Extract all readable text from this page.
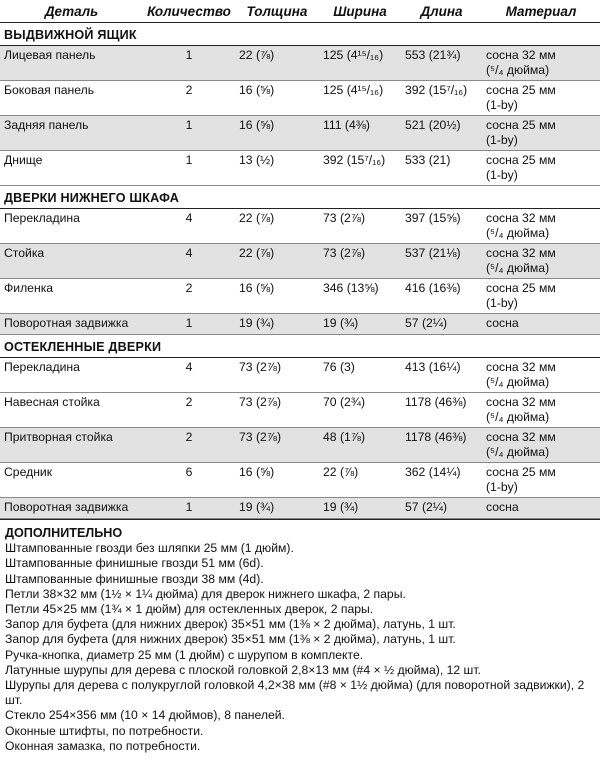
Деталь	Количество	Толщина	Ширина	Длина	Материал
ВЫДВИЖНОЙ ЯЩИК					
Лицевая панель	1	22 (⅞)	125 (4¹⁵/₁₆)	553 (21¾)	сосна 32 мм
(⁵/₄ дюйма)

Боковая панель	2	16 (⅝)	125 (4¹⁵/₁₆)	392 (15⁷/₁₆)	сосна 25 мм
(1-by)

Задняя панель	1	16 (⅝)	111 (4⅜)	521 (20½)	сосна 25 мм
(1-by)

Днище	1	13 (½)	392 (15⁷/₁₆)	533 (21)	сосна 25 мм
(1-by)

ДВЕРКИ НИЖНЕГО ШКАФА					
Перекладина	4	22 (⅞)	73 (2⅞)	397 (15⅝)	сосна 32 мм
(⁵/₄ дюйма)

Стойка	4	22 (⅞)	73 (2⅞)	537 (21⅛)	сосна 32 мм
(⁵/₄ дюйма)

Филенка	2	16 (⅝)	346 (13⅝)	416 (16⅜)	сосна 25 мм
(1-by)

Поворотная задвижка	1	19 (¾)	19 (¾)	57 (2¼)	сосна

ОСТЕКЛЕННЫЕ ДВЕРКИ					
Перекладина	4	73 (2⅞)	76 (3)	413 (16¼)	сосна 32 мм
(⁵/₄ дюйма)

Навесная стойка	2	73 (2⅞)	70 (2¾)	1178 (46⅜)	сосна 32 мм
(⁵/₄ дюйма)

Притворная стойка	2	73 (2⅞)	48 (1⅞)	1178 (46⅜)	сосна 32 мм
(⁵/₄ дюйма)

Средник	6	16 (⅝)	22 (⅞)	362 (14¼)	сосна 25 мм
(1-by)

Поворотная задвижка	1	19 (¾)	19 (¾)	57 (2¼)	сосна
ДОПОЛНИТЕЛЬНО
Штампованные гвозди без шляпки 25 мм (1 дюйм).
Штампованные финишные гвозди 51 мм (6d).
Штампованные финишные гвозди 38 мм (4d).
Петли 38×32 мм (1½ × 1¼ дюйма) для дверок нижнего шкафа, 2 пары.
Петли 45×25 мм (1¾ × 1 дюйм) для остекленных дверок, 2 пары.
Запор для буфета (для нижних дверок) 35×51 мм (1⅜ × 2 дюйма), латунь, 1 шт.
Запор для буфета (для нижних дверок) 35×51 мм (1⅜ × 2 дюйма), латунь, 1 шт.
Ручка-кнопка, диаметр 25 мм (1 дюйм) с шурупом в комплекте.
Латунные шурупы для дерева с плоской головкой 2,8×13 мм (#4 × ½ дюйма), 12 шт.
Шурупы для дерева с полукруглой головкой 4,2×38 мм (#8 × 1½ дюйма) (для поворотной задвижки), 2 шт.
Стекло 254×356 мм (10 × 14 дюймов), 8 панелей.
Оконные штифты, по потребности.
Оконная замазка, по потребности.
